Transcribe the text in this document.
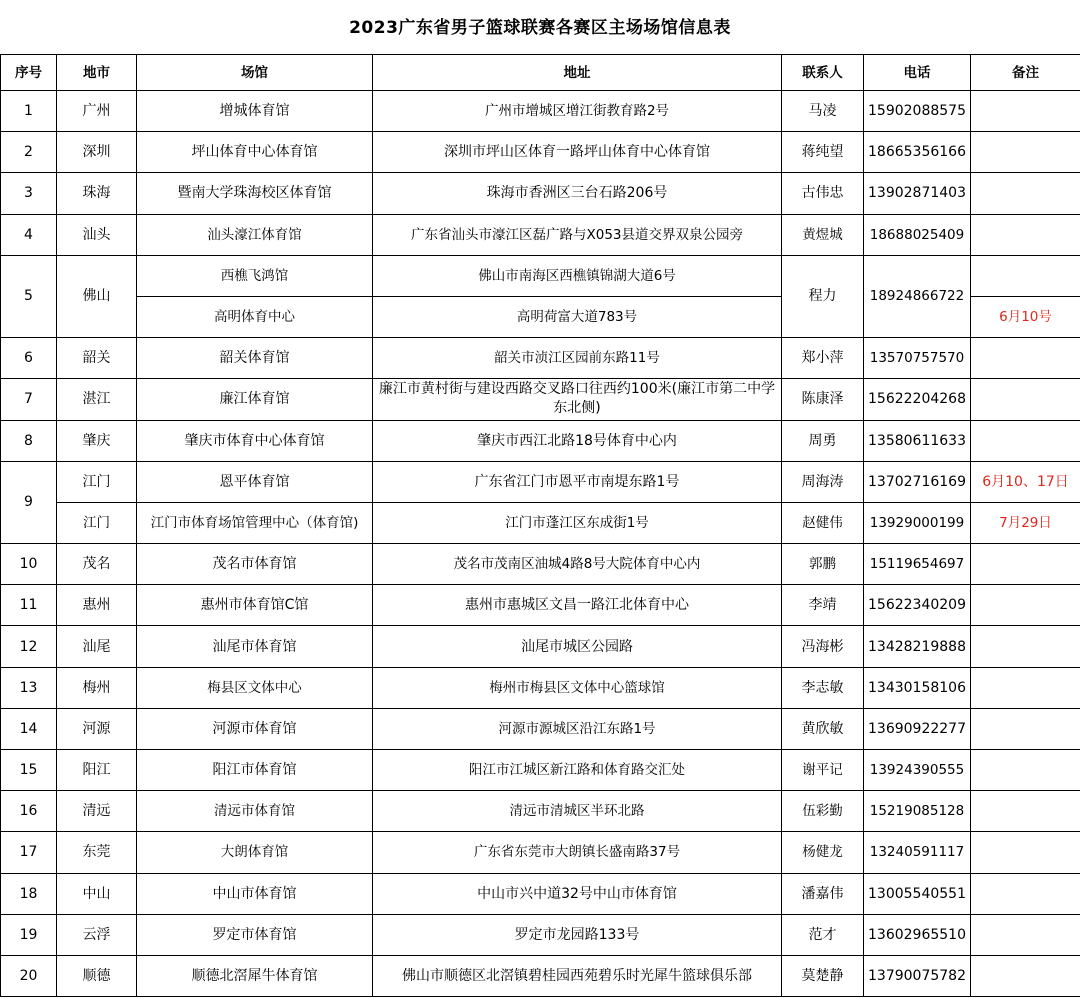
2023广东省男子篮球联赛各赛区主场场馆信息表
序号	地市	场馆	地址	联系人	电话	备注
1	广州	增城体育馆	广州市增城区增江街教育路2号	马凌	15902088575	
2	深圳	坪山体育中心体育馆	深圳市坪山区体育一路坪山体育中心体育馆	蒋纯望	18665356166	
3	珠海	暨南大学珠海校区体育馆	珠海市香洲区三台石路206号	古伟忠	13902871403	
4	汕头	汕头濠江体育馆	广东省汕头市濠江区磊广路与X053县道交界双泉公园旁	黄煜城	18688025409	
5	佛山	西樵飞鸿馆	佛山市南海区西樵镇锦湖大道6号	程力	18924866722	
		高明体育中心	高明荷富大道783号			6月10号
6	韶关	韶关体育馆	韶关市浈江区园前东路11号	郑小萍	13570757570	
7	湛江	廉江体育馆	廉江市黄村街与建设西路交叉路口往西约100米(廉江市第二中学东北侧)	陈康泽	15622204268	
8	肇庆	肇庆市体育中心体育馆	肇庆市西江北路18号体育中心内	周勇	13580611633	
9	江门	恩平体育馆	广东省江门市恩平市南堤东路1号	周海涛	13702716169	6月10、17日
	江门	江门市体育场馆管理中心（体育馆)	江门市蓬江区东成街1号	赵健伟	13929000199	7月29日
10	茂名	茂名市体育馆	茂名市茂南区油城4路8号大院体育中心内	郭鹏	15119654697	
11	惠州	惠州市体育馆C馆	惠州市惠城区文昌一路江北体育中心	李靖	15622340209	
12	汕尾	汕尾市体育馆	汕尾市城区公园路	冯海彬	13428219888	
13	梅州	梅县区文体中心	梅州市梅县区文体中心篮球馆	李志敏	13430158106	
14	河源	河源市体育馆	河源市源城区沿江东路1号	黄欣敏	13690922277	
15	阳江	阳江市体育馆	阳江市江城区新江路和体育路交汇处	谢平记	13924390555	
16	清远	清远市体育馆	清远市清城区半环北路	伍彩勤	15219085128	
17	东莞	大朗体育馆	广东省东莞市大朗镇长盛南路37号	杨健龙	13240591117	
18	中山	中山市体育馆	中山市兴中道32号中山市体育馆	潘嘉伟	13005540551	
19	云浮	罗定市体育馆	罗定市龙园路133号	范才	13602965510	
20	顺德	顺德北滘犀牛体育馆	佛山市顺德区北滘镇碧桂园西苑碧乐时光犀牛篮球俱乐部	莫楚静	13790075782	
